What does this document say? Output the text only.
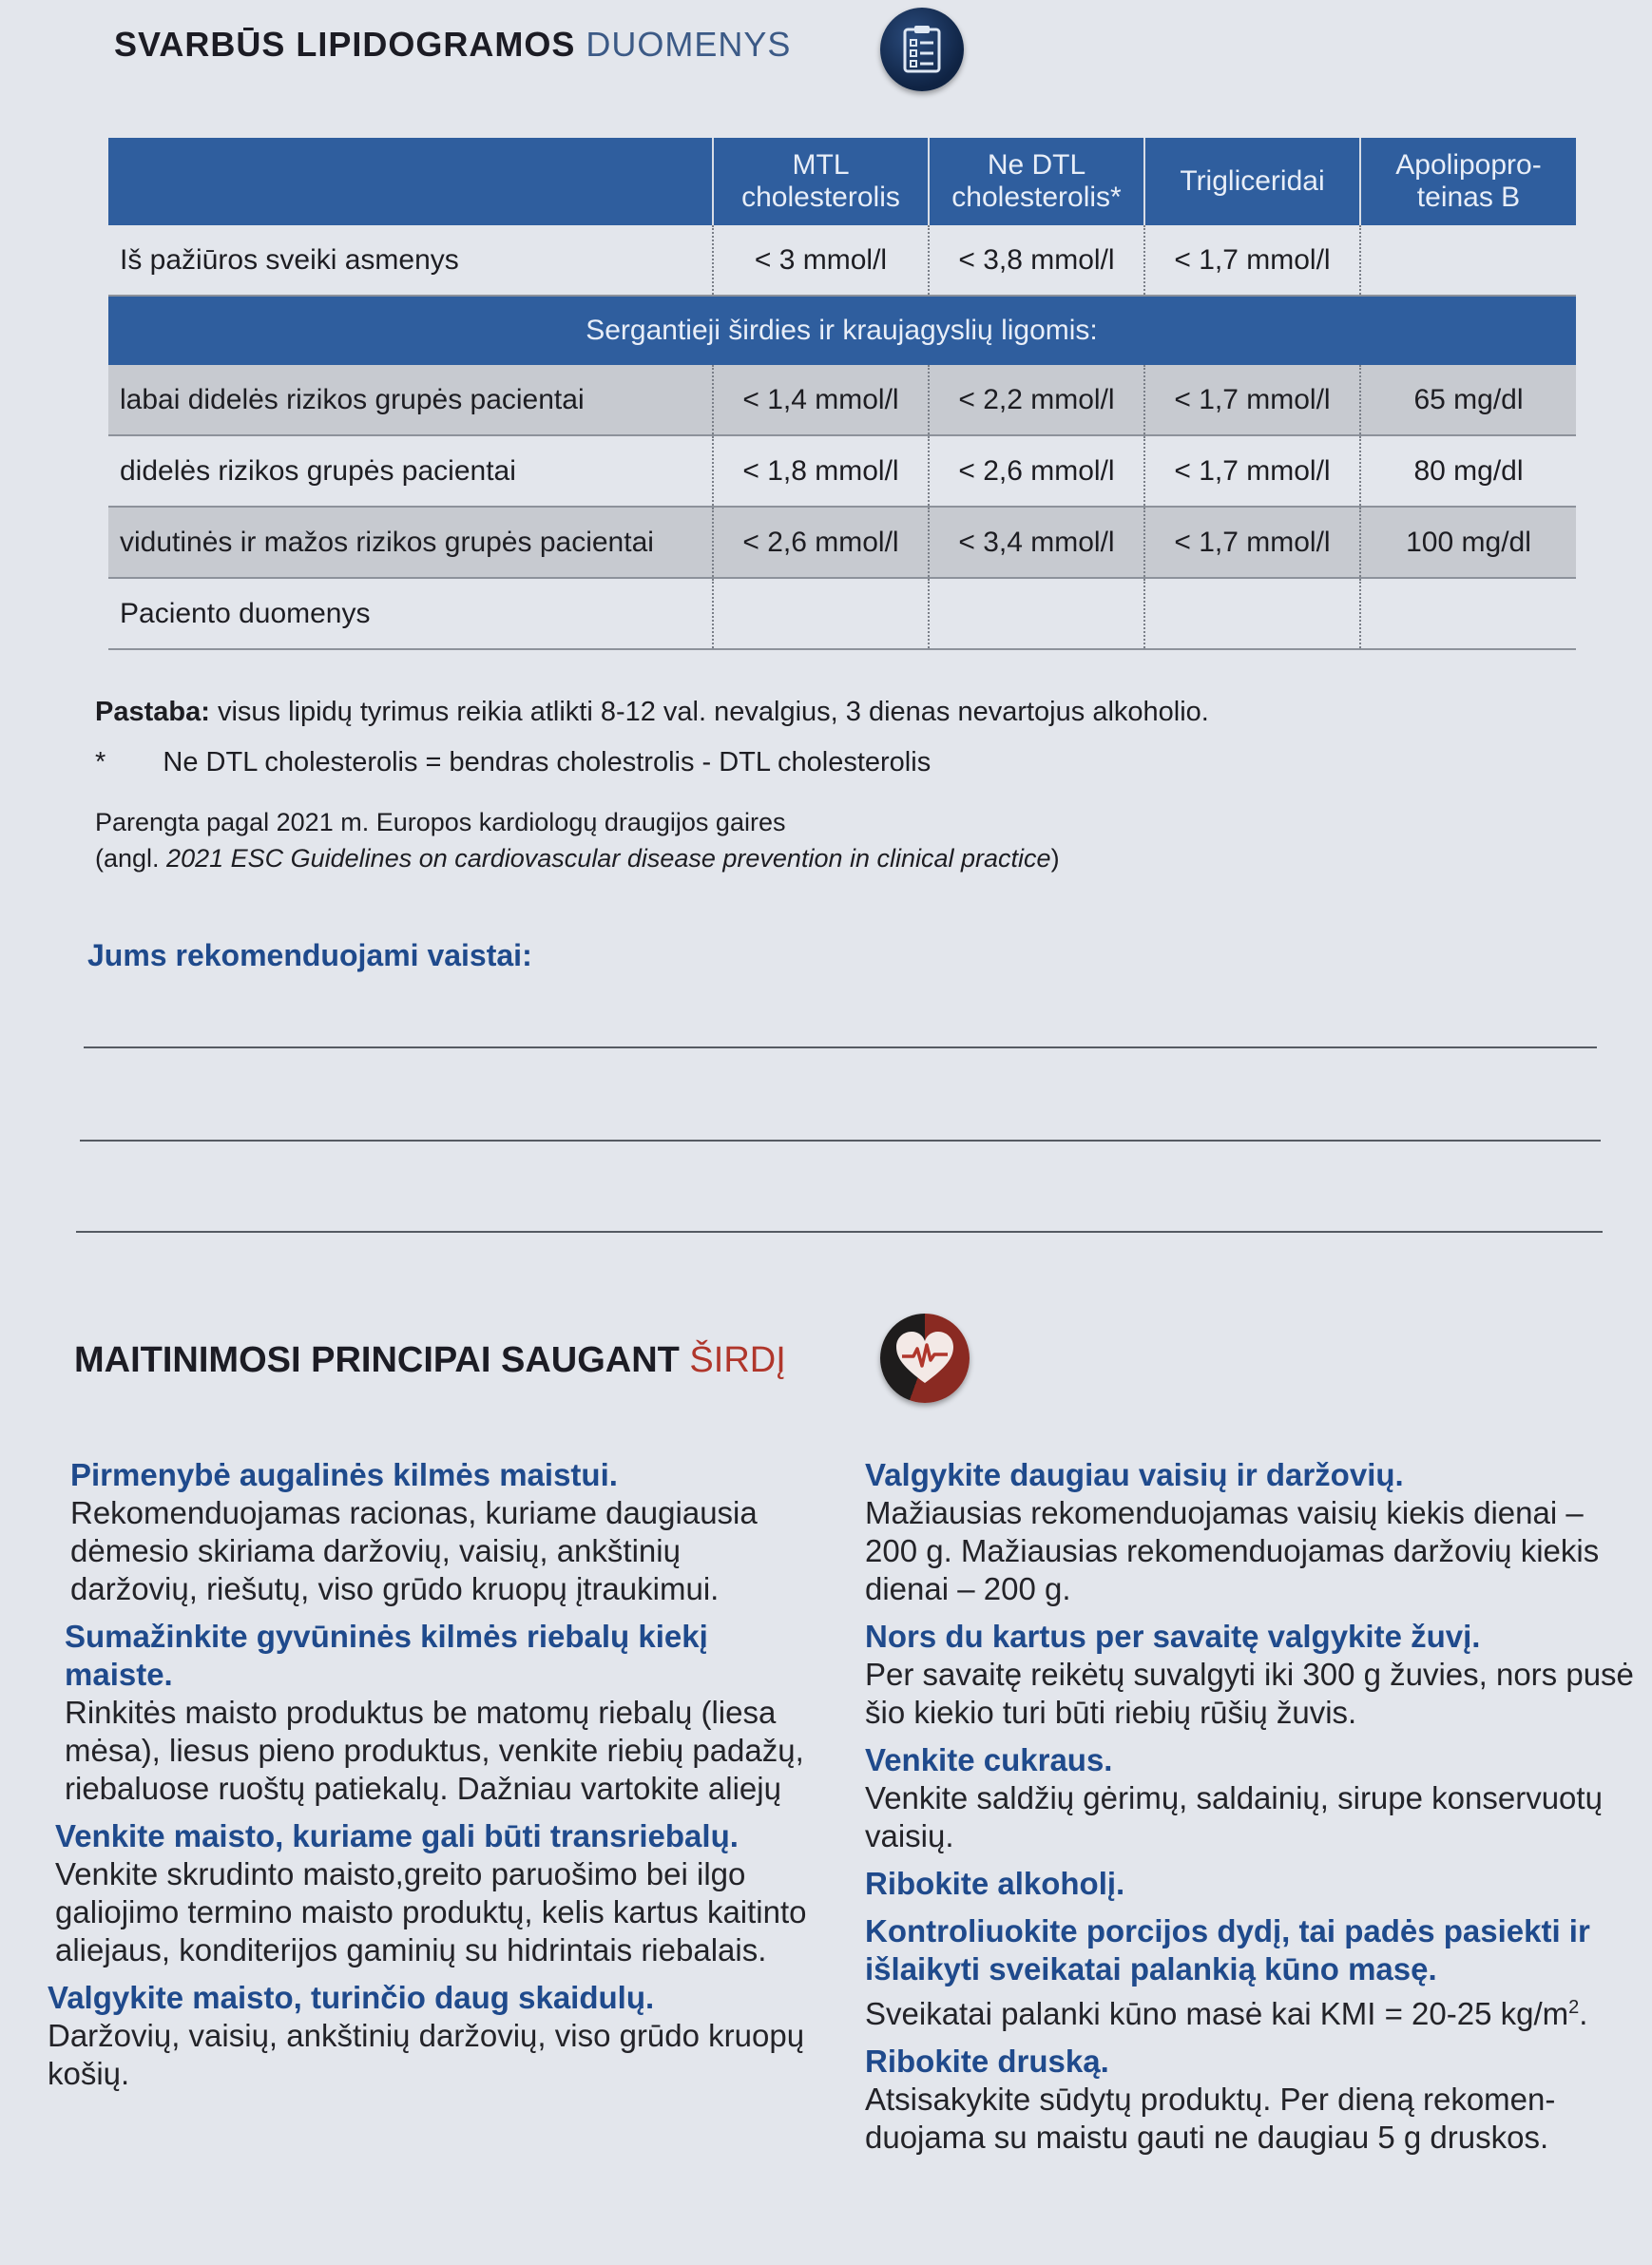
SVARBŪS LIPIDOGRAMOS DUOMENYS
	MTL cholesterolis	Ne DTL cholesterolis*	Trigliceridai	Apolipopro-teinas B
Iš pažiūros sveiki asmenys	< 3 mmol/l	< 3,8 mmol/l	< 1,7 mmol/l	
Sergantieji širdies ir kraujagyslių ligomis:				
labai didelės rizikos grupės pacientai	< 1,4 mmol/l	< 2,2 mmol/l	< 1,7 mmol/l	65 mg/dl
didelės rizikos grupės pacientai	< 1,8 mmol/l	< 2,6 mmol/l	< 1,7 mmol/l	80 mg/dl
vidutinės ir mažos rizikos grupės pacientai	< 2,6 mmol/l	< 3,4 mmol/l	< 1,7 mmol/l	100 mg/dl
Paciento duomenys				
Pastaba: visus lipidų tyrimus reikia atlikti 8-12 val. nevalgius, 3 dienas nevartojus alkoholio.
* Ne DTL cholesterolis = bendras cholestrolis - DTL cholesterolis
Parengta pagal 2021 m. Europos kardiologų draugijos gaires
(angl. 2021 ESC Guidelines on cardiovascular disease prevention in clinical practice)
Jums rekomenduojami vaistai:
MAITINIMOSI PRINCIPAI SAUGANT ŠIRDĮ
Pirmenybė augalinės kilmės maistui.
Rekomenduojamas racionas, kuriame daugiausia dėmesio skiriama daržovių, vaisių, ankštinių daržovių, riešutų, viso grūdo kruopų įtraukimui.
Sumažinkite gyvūninės kilmės riebalų kiekį maiste.
Rinkitės maisto produktus be matomų riebalų (liesa mėsa), liesus pieno produktus, venkite riebių padažų, riebaluose ruoštų patiekalų. Dažniau vartokite aliejų
Venkite maisto, kuriame gali būti transriebalų.
Venkite skrudinto maisto,greito paruošimo bei ilgo galiojimo termino maisto produktų, kelis kartus kaitinto aliejaus, konditerijos gaminių su hidrintais riebalais.
Valgykite maisto, turinčio daug skaidulų.
Daržovių, vaisių, ankštinių daržovių, viso grūdo kruopų košių.
Valgykite daugiau vaisių ir daržovių.
Mažiausias rekomenduojamas vaisių kiekis dienai – 200 g. Mažiausias rekomenduojamas daržovių kiekis dienai – 200 g.
Nors du kartus per savaitę valgykite žuvį.
Per savaitę reikėtų suvalgyti iki 300 g žuvies, nors pusė šio kiekio turi būti riebių rūšių žuvis.
Venkite cukraus.
Venkite saldžių gėrimų, saldainių, sirupe konservuotų vaisių.
Ribokite alkoholį.
Kontroliuokite porcijos dydį, tai padės pasiekti ir išlaikyti sveikatai palankią kūno masę.
Sveikatai palanki kūno masė kai KMI = 20-25 $kg/m^2$.
Ribokite druską.
Atsisakykite sūdytų produktų. Per dieną rekomen-duojama su maistu gauti ne daugiau 5 g druskos.
